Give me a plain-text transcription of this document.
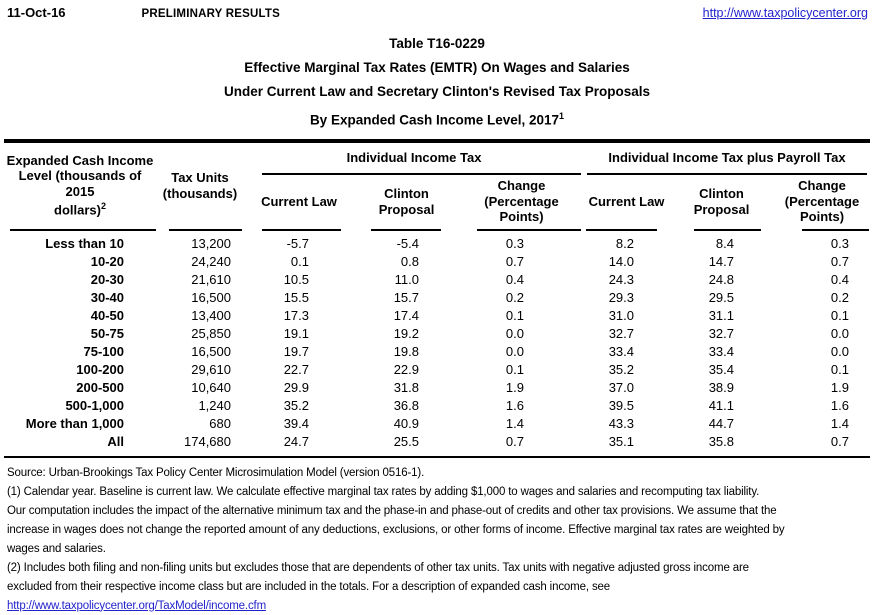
11-Oct-16	PRELIMINARY RESULTS	http://www.taxpolicycenter.org
Table T16-0229
Effective Marginal Tax Rates (EMTR) On Wages and Salaries
Under Current Law and Secretary Clinton's Revised Tax Proposals
By Expanded Cash Income Level, 2017$^1$
Expanded Cash Income
Level (thousands of 2015
dollars)$^2$
Tax Units
(thousands)
Individual Income Tax	Individual Income Tax plus Payroll Tax
Current Law
Clinton
Proposal
Change
(Percentage
Points)
Current Law
Clinton
Proposal
Change
(Percentage
Points)
Less than 10	13,200	-5.7	-5.4	0.3	8.2	8.4	0.3
10-20	24,240	0.1	0.8	0.7	14.0	14.7	0.7
20-30	21,610	10.5	11.0	0.4	24.3	24.8	0.4
30-40	16,500	15.5	15.7	0.2	29.3	29.5	0.2
40-50	13,400	17.3	17.4	0.1	31.0	31.1	0.1
50-75	25,850	19.1	19.2	0.0	32.7	32.7	0.0
75-100	16,500	19.7	19.8	0.0	33.4	33.4	0.0
100-200	29,610	22.7	22.9	0.1	35.2	35.4	0.1
200-500	10,640	29.9	31.8	1.9	37.0	38.9	1.9
500-1,000	1,240	35.2	36.8	1.6	39.5	41.1	1.6
More than 1,000	680	39.4	40.9	1.4	43.3	44.7	1.4
All	174,680	24.7	25.5	0.7	35.1	35.8	0.7
Source: Urban-Brookings Tax Policy Center Microsimulation Model (version 0516-1).
(1) Calendar year. Baseline is current law. We calculate effective marginal tax rates by adding $1,000 to wages and salaries and recomputing tax liability.
Our computation includes the impact of the alternative minimum tax and the phase-in and phase-out of credits and other tax provisions. We assume that the
increase in wages does not change the reported amount of any deductions, exclusions, or other forms of income. Effective marginal tax rates are weighted by
wages and salaries.
(2) Includes both filing and non-filing units but excludes those that are dependents of other tax units. Tax units with negative adjusted gross income are
excluded from their respective income class but are included in the totals. For a description of expanded cash income, see
http://www.taxpolicycenter.org/TaxModel/income.cfm
